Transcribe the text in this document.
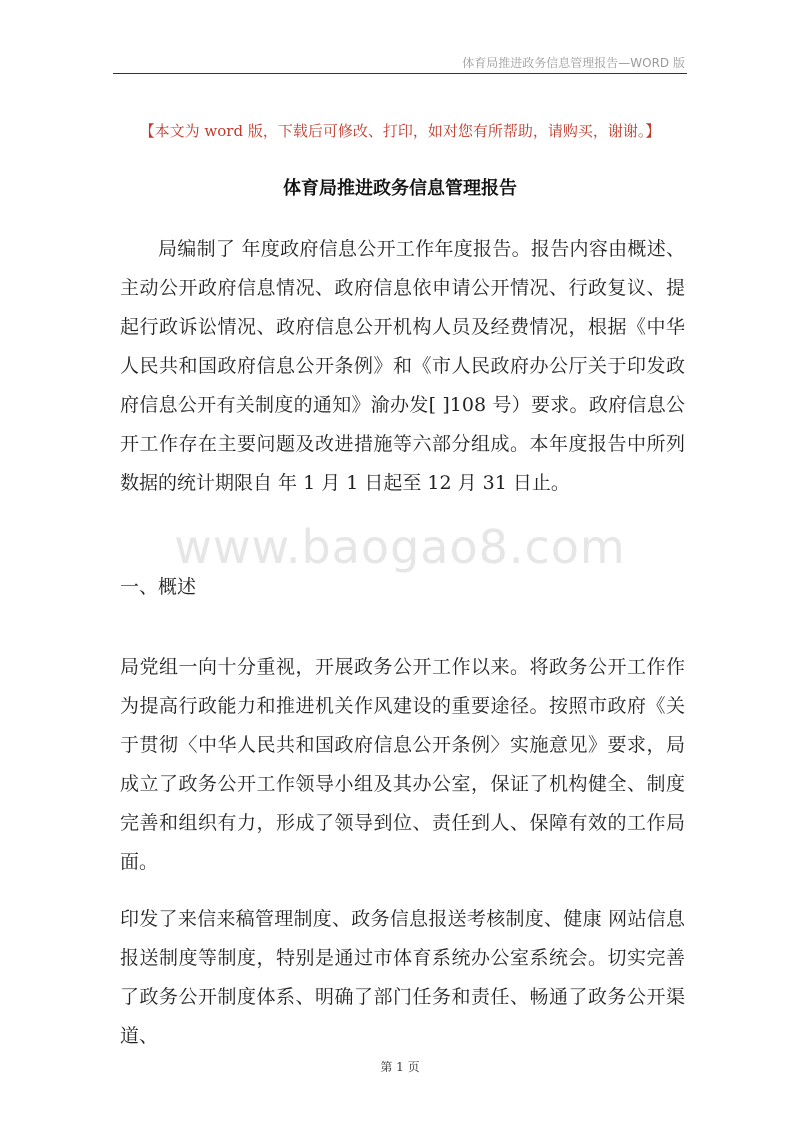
体育局推进政务信息管理报告—WORD 版
【本文为 word 版，下载后可修改、打印，如对您有所帮助，请购买，谢谢。】
体育局推进政务信息管理报告

局编制了 年度政府信息公开工作年度报告。报告内容由概述、主动公开政府信息情况、政府信息依申请公开情况、行政复议、提起行政诉讼情况、政府信息公开机构人员及经费情况，根据《中华人民共和国政府信息公开条例》和《市人民政府办公厅关于印发政府信息公开有关制度的通知》渝办发[ ]108 号）要求。政府信息公开工作存在主要问题及改进措施等六部分组成。本年度报告中所列数据的统计期限自 年 1 月 1 日起至 12 月 31 日止。

www.baogao8.com
一、概述

局党组一向十分重视，开展政务公开工作以来。将政务公开工作作为提高行政能力和推进机关作风建设的重要途径。按照市政府《关于贯彻〈中华人民共和国政府信息公开条例〉实施意见》要求，局成立了政务公开工作领导小组及其办公室，保证了机构健全、制度完善和组织有力，形成了领导到位、责任到人、保障有效的工作局面。

印发了来信来稿管理制度、政务信息报送考核制度、健康 网站信息报送制度等制度，特别是通过市体育系统办公室系统会。切实完善了政务公开制度体系、明确了部门任务和责任、畅通了政务公开渠道、

第 1 页
